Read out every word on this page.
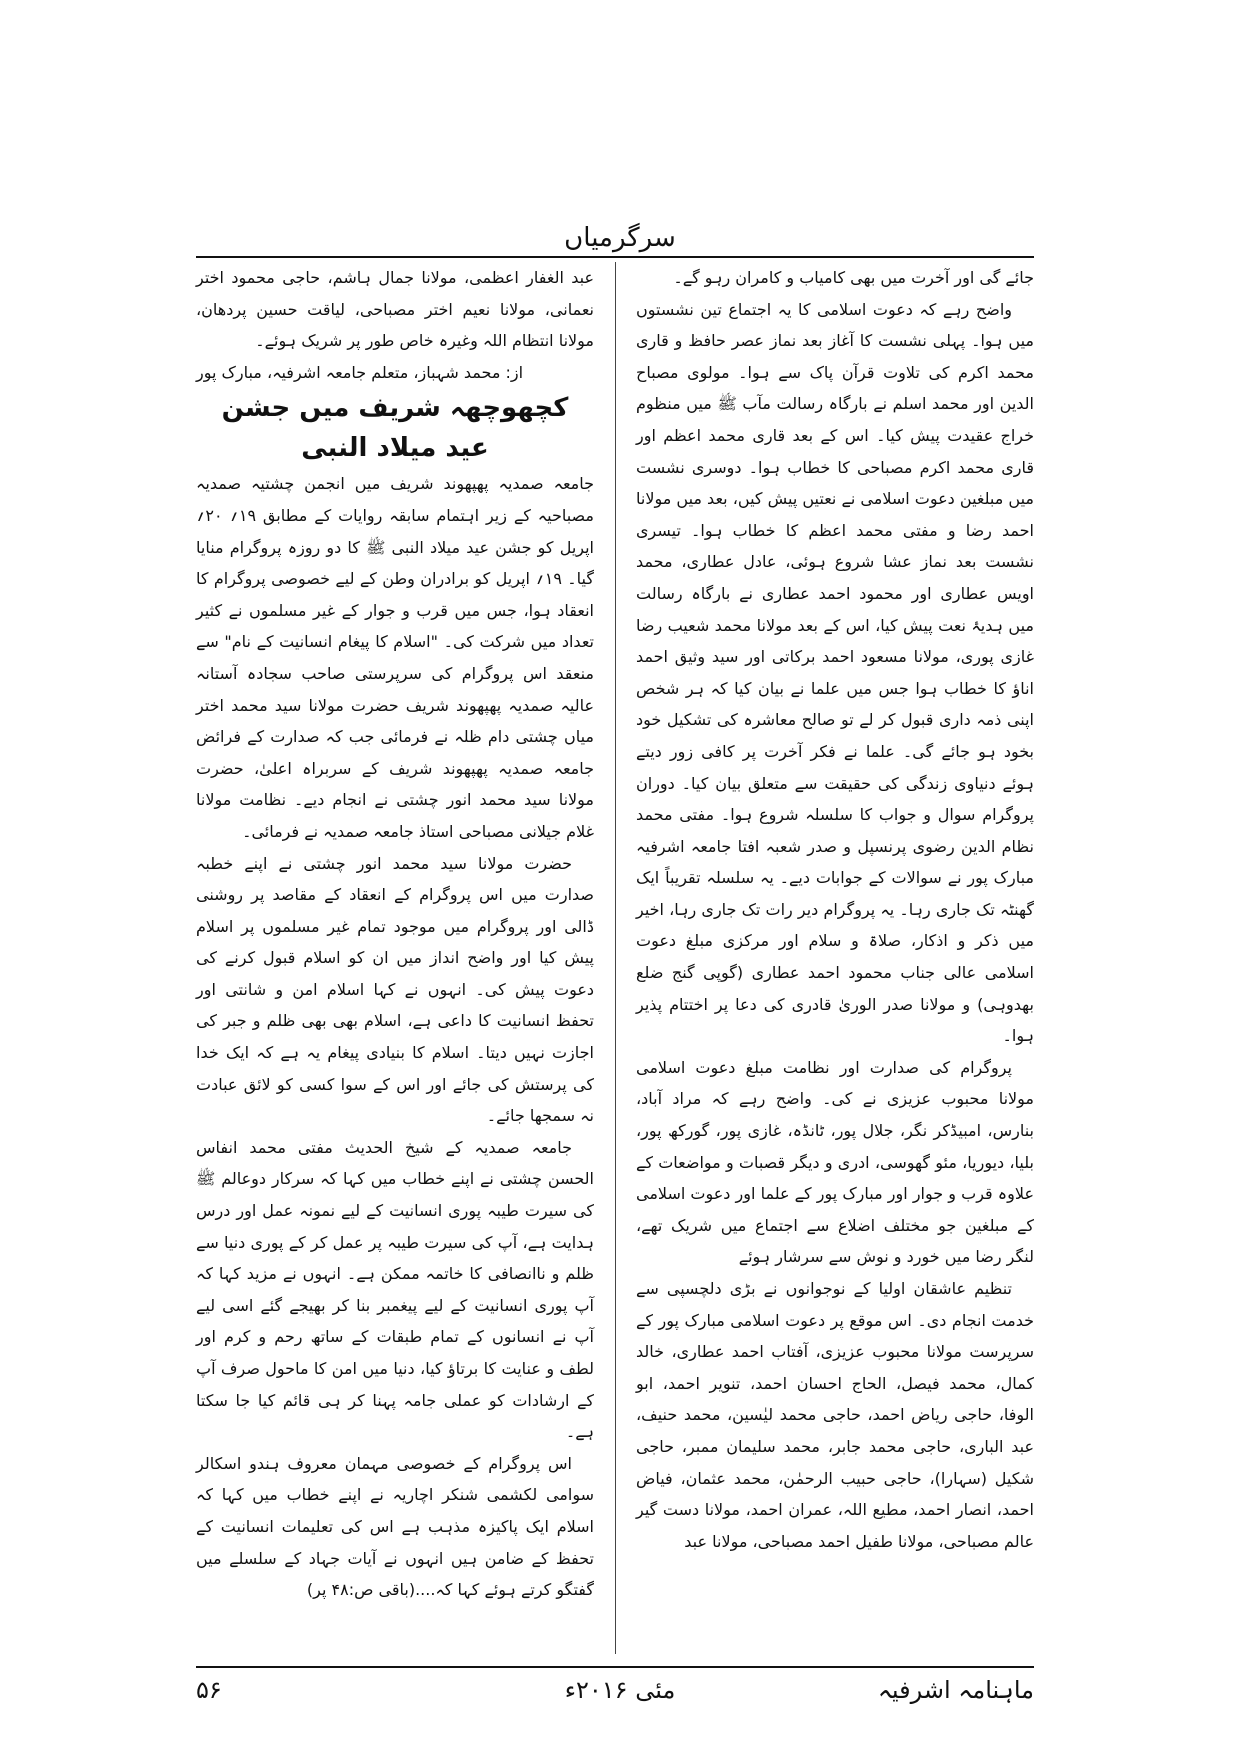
سرگرمیاں

جائے گی اور آخرت میں بھی کامیاب و کامران رہو گے۔

واضح رہے کہ دعوت اسلامی کا یہ اجتماع تین نشستوں میں ہوا۔ پہلی نشست کا آغاز بعد نماز عصر حافظ و قاری محمد اکرم کی تلاوت قرآن پاک سے ہوا۔ مولوی مصباح الدین اور محمد اسلم نے بارگاہ رسالت مآب ﷺ میں منظوم خراج عقیدت پیش کیا۔ اس کے بعد قاری محمد اعظم اور قاری محمد اکرم مصباحی کا خطاب ہوا۔ دوسری نشست میں مبلغین دعوت اسلامی نے نعتیں پیش کیں، بعد میں مولانا احمد رضا و مفتی محمد اعظم کا خطاب ہوا۔ تیسری نشست بعد نماز عشا شروع ہوئی، عادل عطاری، محمد اویس عطاری اور محمود احمد عطاری نے بارگاہ رسالت میں ہدیۂ نعت پیش کیا، اس کے بعد مولانا محمد شعیب رضا غازی پوری، مولانا مسعود احمد برکاتی اور سید وثیق احمد اناؤ کا خطاب ہوا جس میں علما نے بیان کیا کہ ہر شخص اپنی ذمہ داری قبول کر لے تو صالح معاشرہ کی تشکیل خود بخود ہو جائے گی۔ علما نے فکر آخرت پر کافی زور دیتے ہوئے دنیاوی زندگی کی حقیقت سے متعلق بیان کیا۔ دوران پروگرام سوال و جواب کا سلسلہ شروع ہوا۔ مفتی محمد نظام الدین رضوی پرنسپل و صدر شعبہ افتا جامعہ اشرفیہ مبارک پور نے سوالات کے جوابات دیے۔ یہ سلسلہ تقریباً ایک گھنٹہ تک جاری رہا۔ یہ پروگرام دیر رات تک جاری رہا، اخیر میں ذکر و اذکار، صلاۃ و سلام اور مرکزی مبلغ دعوت اسلامی عالی جناب محمود احمد عطاری (گوپی گنج ضلع بھدوہی) و مولانا صدر الوریٰ قادری کی دعا پر اختتام پذیر ہوا۔

پروگرام کی صدارت اور نظامت مبلغ دعوت اسلامی مولانا محبوب عزیزی نے کی۔ واضح رہے کہ مراد آباد، بنارس، امبیڈکر نگر، جلال پور، ٹانڈہ، غازی پور، گورکھ پور، بلیا، دیوریا، مئو گھوسی، ادری و دیگر قصبات و مواضعات کے علاوہ قرب و جوار اور مبارک پور کے علما اور دعوت اسلامی کے مبلغین جو مختلف اضلاع سے اجتماع میں شریک تھے، لنگر رضا میں خورد و نوش سے سرشار ہوئے

تنظیم عاشقان اولیا کے نوجوانوں نے بڑی دلچسپی سے خدمت انجام دی۔ اس موقع پر دعوت اسلامی مبارک پور کے سرپرست مولانا محبوب عزیزی، آفتاب احمد عطاری، خالد کمال، محمد فیصل، الحاج احسان احمد، تنویر احمد، ابو الوفا، حاجی ریاض احمد، حاجی محمد لیٰسین، محمد حنیف، عبد الباری، حاجی محمد جابر، محمد سلیمان ممبر، حاجی شکیل (سہارا)، حاجی حبیب الرحمٰن، محمد عثمان، فیاض احمد، انصار احمد، مطیع اللہ، عمران احمد، مولانا دست گیر عالم مصباحی، مولانا طفیل احمد مصباحی، مولانا عبد

عبد الغفار اعظمی، مولانا جمال ہاشم، حاجی محمود اختر نعمانی، مولانا نعیم اختر مصباحی، لیاقت حسین پردھان، مولانا انتظام اللہ وغیرہ خاص طور پر شریک ہوئے۔

از: محمد شہباز، متعلم جامعہ اشرفیہ، مبارک پور

کچھوچھہ شریف میں جشن عید میلاد النبی

جامعہ صمدیہ پھپھوند شریف میں انجمن چشتیہ صمدیہ مصباحیہ کے زیر اہتمام سابقہ روایات کے مطابق ۱۹؍ ۲۰؍ اپریل کو جشن عید میلاد النبی ﷺ کا دو روزہ پروگرام منایا گیا۔ ۱۹؍ اپریل کو برادران وطن کے لیے خصوصی پروگرام کا انعقاد ہوا، جس میں قرب و جوار کے غیر مسلموں نے کثیر تعداد میں شرکت کی۔ "اسلام کا پیغام انسانیت کے نام" سے منعقد اس پروگرام کی سرپرستی صاحب سجادہ آستانہ عالیہ صمدیہ پھپھوند شریف حضرت مولانا سید محمد اختر میاں چشتی دام ظلہ نے فرمائی جب کہ صدارت کے فرائض جامعہ صمدیہ پھپھوند شریف کے سربراہ اعلیٰ، حضرت مولانا سید محمد انور چشتی نے انجام دیے۔ نظامت مولانا غلام جیلانی مصباحی استاذ جامعہ صمدیہ نے فرمائی۔

حضرت مولانا سید محمد انور چشتی نے اپنے خطبہ صدارت میں اس پروگرام کے انعقاد کے مقاصد پر روشنی ڈالی اور پروگرام میں موجود تمام غیر مسلموں پر اسلام پیش کیا اور واضح انداز میں ان کو اسلام قبول کرنے کی دعوت پیش کی۔ انہوں نے کہا اسلام امن و شانتی اور تحفظ انسانیت کا داعی ہے، اسلام بھی بھی ظلم و جبر کی اجازت نہیں دیتا۔ اسلام کا بنیادی پیغام یہ ہے کہ ایک خدا کی پرستش کی جائے اور اس کے سوا کسی کو لائق عبادت نہ سمجھا جائے۔

جامعہ صمدیہ کے شیخ الحدیث مفتی محمد انفاس الحسن چشتی نے اپنے خطاب میں کہا کہ سرکار دوعالم ﷺ کی سیرت طیبہ پوری انسانیت کے لیے نمونہ عمل اور درس ہدایت ہے، آپ کی سیرت طیبہ پر عمل کر کے پوری دنیا سے ظلم و ناانصافی کا خاتمہ ممکن ہے۔ انہوں نے مزید کہا کہ آپ پوری انسانیت کے لیے پیغمبر بنا کر بھیجے گئے اسی لیے آپ نے انسانوں کے تمام طبقات کے ساتھ رحم و کرم اور لطف و عنایت کا برتاؤ کیا، دنیا میں امن کا ماحول صرف آپ کے ارشادات کو عملی جامہ پہنا کر ہی قائم کیا جا سکتا ہے۔

اس پروگرام کے خصوصی مہمان معروف ہندو اسکالر سوامی لکشمی شنکر اچاریہ نے اپنے خطاب میں کہا کہ اسلام ایک پاکیزہ مذہب ہے اس کی تعلیمات انسانیت کے تحفظ کے ضامن ہیں انہوں نے آیات جہاد کے سلسلے میں گفتگو کرتے ہوئے کہا کہ....(باقی ص:۴۸ پر)

ماہنامہ اشرفیہ
مئی ۲۰۱۶ء
۵۶
